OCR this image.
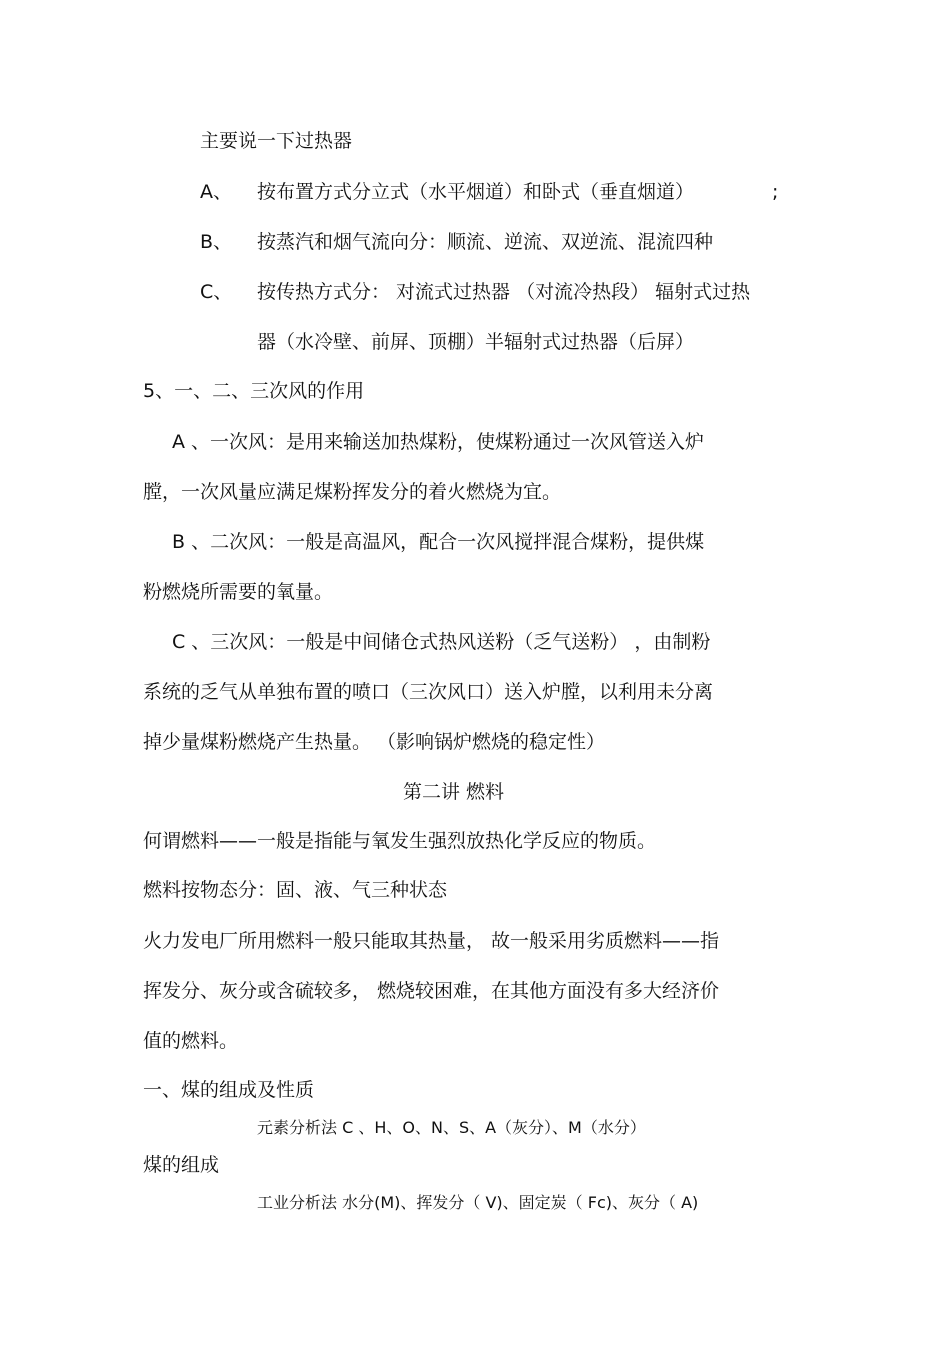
主要说一下过热器
A、 按布置方式分立式（水平烟道）和卧式（垂直烟道）	;
B、 按蒸汽和烟气流向分：顺流、逆流、双逆流、混流四种
C、 按传热方式分： 对流式过热器 （对流冷热段） 辐射式过热
器（水冷壁、前屏、顶棚）半辐射式过热器（后屏）
5、一、二、三次风的作用
A 、一次风：是用来输送加热煤粉，使煤粉通过一次风管送入炉
膛，一次风量应满足煤粉挥发分的着火燃烧为宜。
B 、二次风：一般是高温风，配合一次风搅拌混合煤粉，提供煤
粉燃烧所需要的氧量。
C 、三次风：一般是中间储仓式热风送粉（乏气送粉） ，由制粉
系统的乏气从单独布置的喷口（三次风口）送入炉膛，以利用未分离
掉少量煤粉燃烧产生热量。 （影响锅炉燃烧的稳定性）
第二讲 燃料
何谓燃料——一般是指能与氧发生强烈放热化学反应的物质。
燃料按物态分：固、液、气三种状态
火力发电厂所用燃料一般只能取其热量， 故一般采用劣质燃料——指
挥发分、灰分或含硫较多， 燃烧较困难，在其他方面没有多大经济价
值的燃料。
一、煤的组成及性质
元素分析法 C 、H、O、N、S、A（灰分）、M（水分）
煤的组成
工业分析法 水分(M)、挥发分（ V)、固定炭（ Fc)、灰分（ A)
